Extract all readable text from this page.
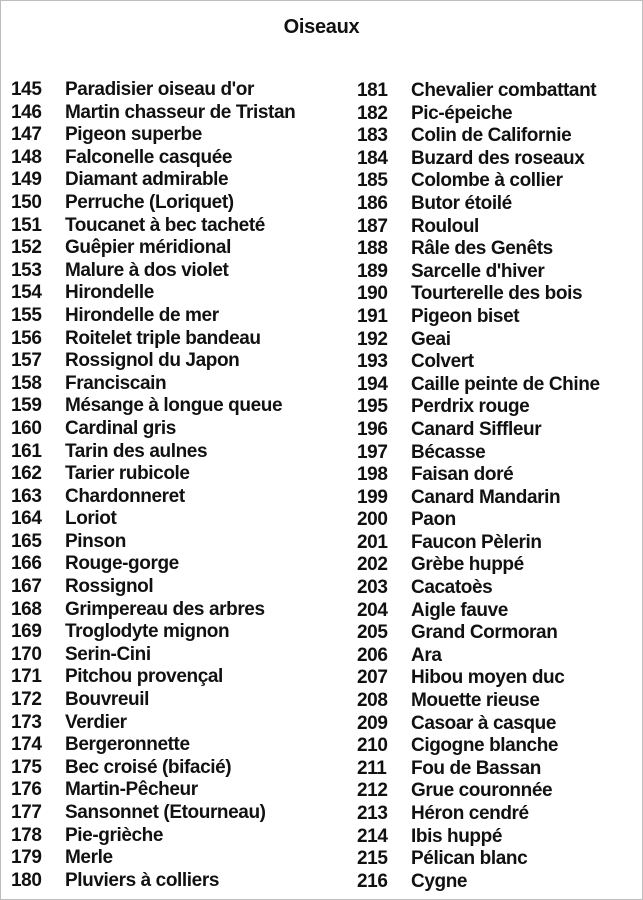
Oiseaux
145	Paradisier oiseau d'or
146	Martin chasseur de Tristan
147	Pigeon superbe
148	Falconelle casquée
149	Diamant admirable
150	Perruche (Loriquet)
151	Toucanet à bec tacheté
152	Guêpier méridional
153	Malure à dos violet
154	Hirondelle
155	Hirondelle de mer
156	Roitelet triple bandeau
157	Rossignol du Japon
158	Franciscain
159	Mésange à longue queue
160	Cardinal gris
161	Tarin des aulnes
162	Tarier rubicole
163	Chardonneret
164	Loriot
165	Pinson
166	Rouge-gorge
167	Rossignol
168	Grimpereau des arbres
169	Troglodyte mignon
170	Serin-Cini
171	Pitchou provençal
172	Bouvreuil
173	Verdier
174	Bergeronnette
175	Bec croisé (bifacié)
176	Martin-Pêcheur
177	Sansonnet (Etourneau)
178	Pie-grièche
179	Merle
180	Pluviers à colliers
181	Chevalier combattant
182	Pic-épeiche
183	Colin de Californie
184	Buzard des roseaux
185	Colombe à collier
186	Butor étoilé
187	Rouloul
188	Râle des Genêts
189	Sarcelle d'hiver
190	Tourterelle des bois
191	Pigeon biset
192	Geai
193	Colvert
194	Caille peinte de Chine
195	Perdrix rouge
196	Canard Siffleur
197	Bécasse
198	Faisan doré
199	Canard Mandarin
200	Paon
201	Faucon Pèlerin
202	Grèbe huppé
203	Cacatoès
204	Aigle fauve
205	Grand Cormoran
206	Ara
207	Hibou moyen duc
208	Mouette rieuse
209	Casoar à casque
210	Cigogne blanche
211	Fou de Bassan
212	Grue couronnée
213	Héron cendré
214	Ibis huppé
215	Pélican blanc
216	Cygne
